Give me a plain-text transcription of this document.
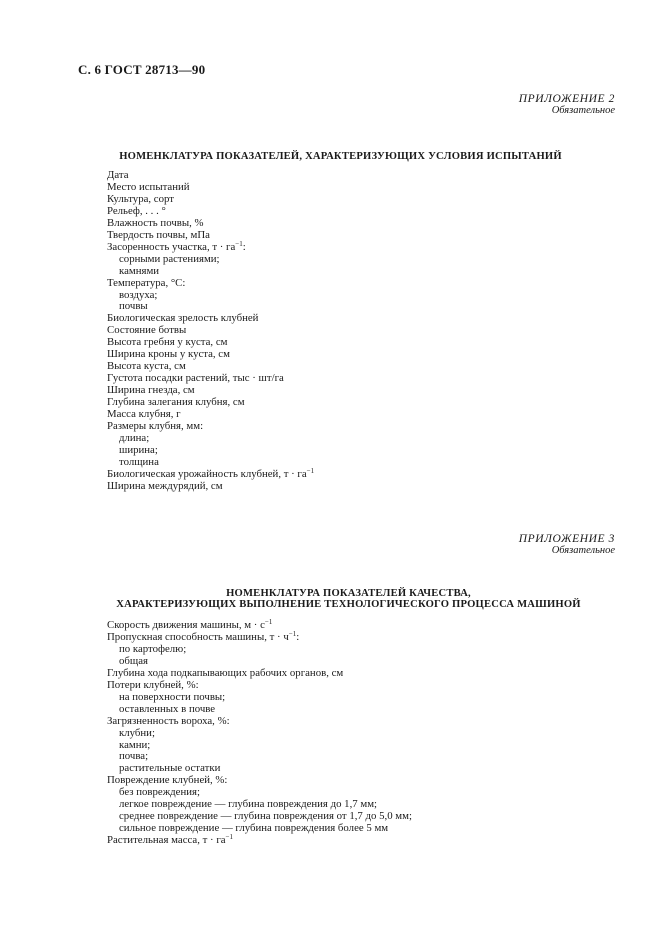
С. 6 ГОСТ 28713—90
ПРИЛОЖЕНИЕ 2
Обязательное
НОМЕНКЛАТУРА ПОКАЗАТЕЛЕЙ, ХАРАКТЕРИЗУЮЩИХ УСЛОВИЯ ИСПЫТАНИЙ
Дата
Место испытаний
Культура, сорт
Рельеф, . . . °
Влажность почвы, %
Твердость почвы, мПа
Засоренность участка, $т \cdot га^{-1}$:
сорными растениями;
камнями
Температура, °С:
воздуха;
почвы
Биологическая зрелость клубней
Состояние ботвы
Высота гребня у куста, см
Ширина кроны у куста, см
Высота куста, см
Густота посадки растений, тыс · шт/га
Ширина гнезда, см
Глубина залегания клубня, см
Масса клубня, г
Размеры клубня, мм:
длина;
ширина;
толщина
Биологическая урожайность клубней, $т \cdot га^{-1}$
Ширина междурядий, см
ПРИЛОЖЕНИЕ 3
Обязательное
НОМЕНКЛАТУРА ПОКАЗАТЕЛЕЙ КАЧЕСТВА,
ХАРАКТЕРИЗУЮЩИХ ВЫПОЛНЕНИЕ ТЕХНОЛОГИЧЕСКОГО ПРОЦЕССА МАШИНОЙ
Скорость движения машины, $м \cdot с^{-1}$
Пропускная способность машины, $т \cdot ч^{-1}$:
по картофелю;
общая
Глубина хода подкапывающих рабочих органов, см
Потери клубней, %:
на поверхности почвы;
оставленных в почве
Загрязненность вороха, %:
клубни;
камни;
почва;
растительные остатки
Повреждение клубней, %:
без повреждения;
легкое повреждение — глубина повреждения до 1,7 мм;
среднее повреждение — глубина повреждения от 1,7 до 5,0 мм;
сильное повреждение — глубина повреждения более 5 мм
Растительная масса, $т \cdot га^{-1}$
